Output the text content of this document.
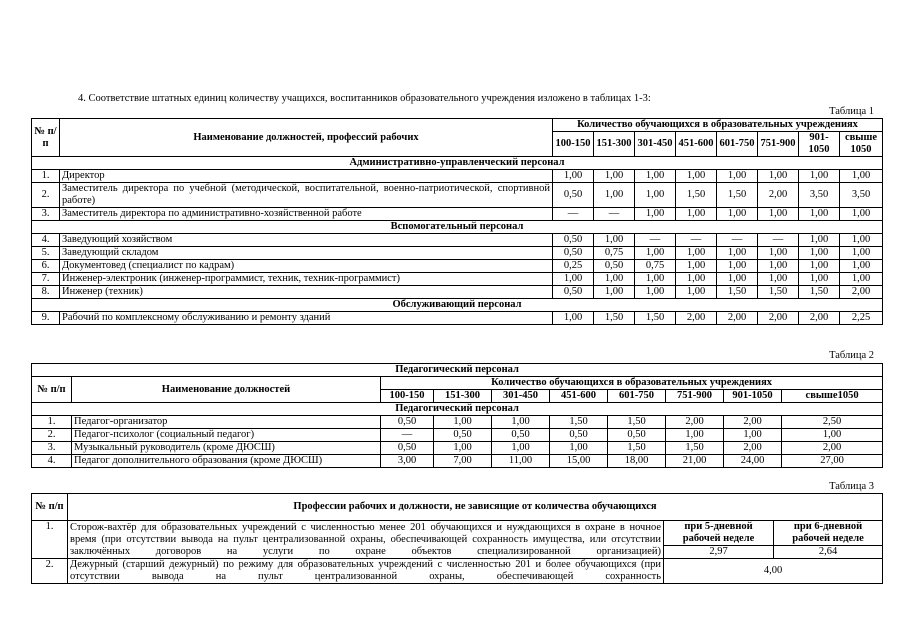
4. Соответствие штатных единиц количеству учащихся, воспитанников образовательного учреждения изложено в таблицах 1-3:
Таблица 1
№ п/п	Наименование должностей, профессий рабочих	Количество обучающихся в образовательных учреждениях							
		100-150	151-300	301-450	451-600	601-750	751-900	901-1050	свыше 1050
Административно-управленческий персонал									
1.	Директор	1,00	1,00	1,00	1,00	1,00	1,00	1,00	1,00
2.	Заместитель директора по учебной (методической, воспитательной, военно-патриотической, спортивной работе)	0,50	1,00	1,00	1,50	1,50	2,00	3,50	3,50
3.	Заместитель директора по административно-хозяйственной работе	—	—	1,00	1,00	1,00	1,00	1,00	1,00
Вспомогательный персонал									
4.	Заведующий хозяйством	0,50	1,00	—	—	—	—	1,00	1,00
5.	Заведующий складом	0,50	0,75	1,00	1,00	1,00	1,00	1,00	1,00
6.	Документовед (специалист по кадрам)	0,25	0,50	0,75	1,00	1,00	1,00	1,00	1,00
7.	Инженер-электроник (инженер-программист, техник, техник-программист)	1,00	1,00	1,00	1,00	1,00	1,00	1,00	1,00
8.	Инженер (техник)	0,50	1,00	1,00	1,00	1,50	1,50	1,50	2,00
Обслуживающий персонал									
9.	Рабочий по комплексному обслуживанию и ремонту зданий	1,00	1,50	1,50	2,00	2,00	2,00	2,00	2,25
Таблица 2
Педагогический персонал									
№ п/п	Наименование должностей	Количество обучающихся в образовательных учреждениях							
		100-150	151-300	301-450	451-600	601-750	751-900	901-1050	свыше1050
Педагогический персонал									
1.	Педагог-организатор	0,50	1,00	1,00	1,50	1,50	2,00	2,00	2,50
2.	Педагог-психолог (социальный педагог)	—	0,50	0,50	0,50	0,50	1,00	1,00	1,00
3.	Музыкальный руководитель (кроме ДЮСШ)	0,50	1,00	1,00	1,00	1,50	1,50	2,00	2,00
4.	Педагог дополнительного образования (кроме ДЮСШ)	3,00	7,00	11,00	15,00	18,00	21,00	24,00	27,00
Таблица 3
№ п/п	Профессии рабочих и должности, не зависящие от количества обучающихся		
1.	Сторож-вахтёр для образовательных учреждений с численностью менее 201 обучающихся и нуждающихся в охране в ночное время (при отсутствии вывода на пульт централизованной охраны, обеспечивающей сохранность имущества, или отсутствии заключённых договоров на услуги по охране объектов специализированной организацией)	при 5-дневной рабочей неделе	при 6-дневной рабочей неделе
		2,97	2,64
2.	Дежурный (старший дежурный) по режиму для образовательных учреждений с численностью 201 и более обучающихся (при отсутствии вывода на пульт централизованной охраны, обеспечивающей сохранность	4,00	
